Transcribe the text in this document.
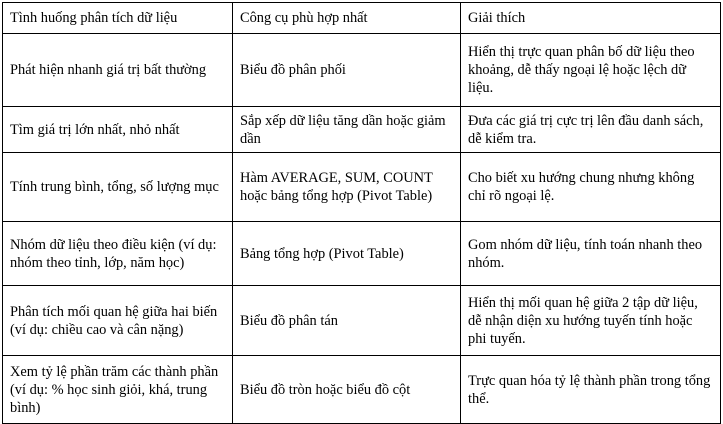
Tình huống phân tích dữ liệu	Công cụ phù hợp nhất	Giải thích
Phát hiện nhanh giá trị bất thường	Biểu đồ phân phối	Hiển thị trực quan phân bố dữ liệu theo khoảng, dễ thấy ngoại lệ hoặc lệch dữ liệu.
Tìm giá trị lớn nhất, nhỏ nhất	Sắp xếp dữ liệu tăng dần hoặc giảm dần	Đưa các giá trị cực trị lên đầu danh sách, dễ kiểm tra.
Tính trung bình, tổng, số lượng mục	Hàm AVERAGE, SUM, COUNT hoặc bảng tổng hợp (Pivot Table)	Cho biết xu hướng chung nhưng không chỉ rõ ngoại lệ.
Nhóm dữ liệu theo điều kiện (ví dụ: nhóm theo tỉnh, lớp, năm học)	Bảng tổng hợp (Pivot Table)	Gom nhóm dữ liệu, tính toán nhanh theo nhóm.
Phân tích mối quan hệ giữa hai biến (ví dụ: chiều cao và cân nặng)	Biểu đồ phân tán	Hiển thị mối quan hệ giữa 2 tập dữ liệu, dễ nhận diện xu hướng tuyến tính hoặc phi tuyến.
Xem tỷ lệ phần trăm các thành phần (ví dụ: % học sinh giỏi, khá, trung bình)	Biểu đồ tròn hoặc biểu đồ cột	Trực quan hóa tỷ lệ thành phần trong tổng thể.
